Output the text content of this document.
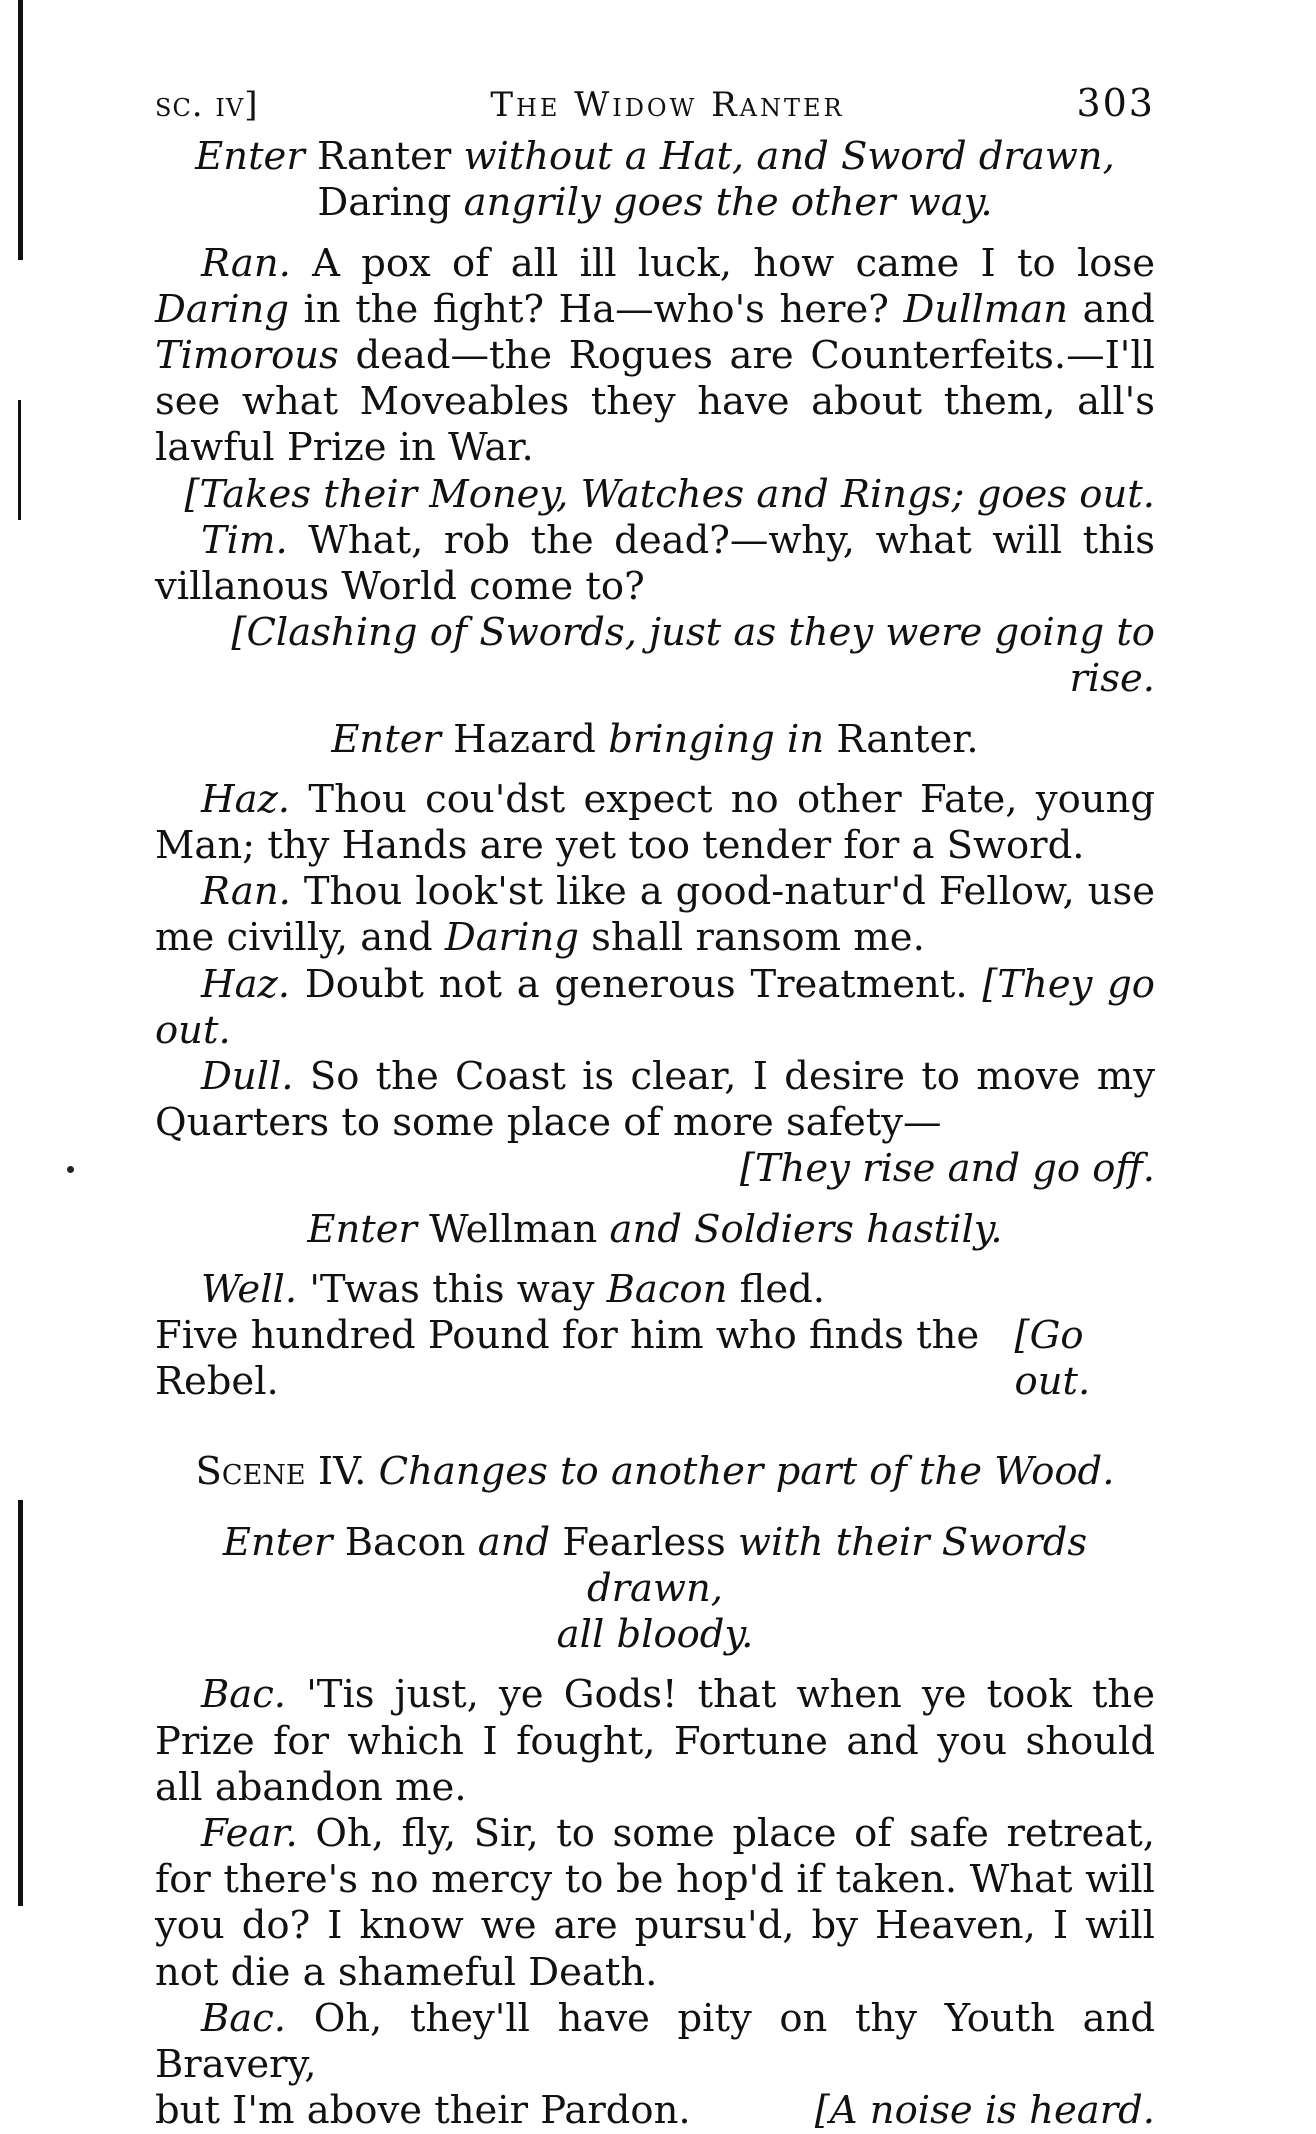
sc. iv]	The Widow Ranter	303
Enter Ranter without a Hat, and Sword drawn,
Daring angrily goes the other way.
Ran. A pox of all ill luck, how came I to lose Daring in the fight? Ha—who's here? Dullman and Timorous dead—the Rogues are Counterfeits.—I'll see what Moveables they have about them, all's lawful Prize in War.
[Takes their Money, Watches and Rings; goes out.
Tim. What, rob the dead?—why, what will this villanous World come to?
[Clashing of Swords, just as they were going to rise.
Enter Hazard bringing in Ranter.
Haz. Thou cou'dst expect no other Fate, young Man; thy Hands are yet too tender for a Sword.
Ran. Thou look'st like a good-natur'd Fellow, use me civilly, and Daring shall ransom me.
Haz. Doubt not a generous Treatment. [They go out.
Dull. So the Coast is clear, I desire to move my Quarters to some place of more safety—
[They rise and go off.
Enter Wellman and Soldiers hastily.
Well. 'Twas this way Bacon fled.
Five hundred Pound for him who finds the Rebel.
[Go out.
Scene IV. Changes to another part of the Wood.
Enter Bacon and Fearless with their Swords drawn,
all bloody.
Bac. 'Tis just, ye Gods! that when ye took the Prize for which I fought, Fortune and you should all abandon me.
Fear. Oh, fly, Sir, to some place of safe retreat, for there's no mercy to be hop'd if taken. What will you do? I know we are pursu'd, by Heaven, I will not die a shameful Death.
Bac. Oh, they'll have pity on thy Youth and Bravery,
but I'm above their Pardon.	[A noise is heard.
